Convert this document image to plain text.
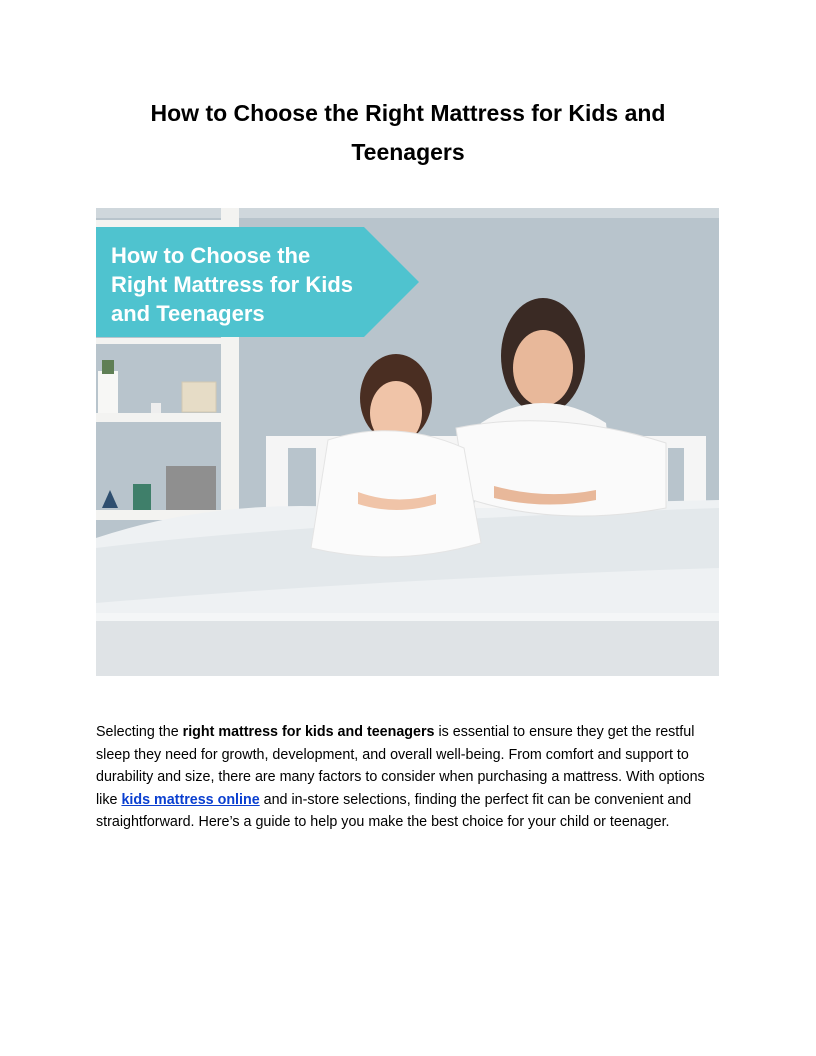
How to Choose the Right Mattress for Kids and Teenagers
How to Choose the
Right Mattress for Kids
and Teenagers

Selecting the right mattress for kids and teenagers is essential to ensure they get the restful sleep they need for growth, development, and overall well-being. From comfort and support to durability and size, there are many factors to consider when purchasing a mattress. With options like kids mattress online and in-store selections, finding the perfect fit can be convenient and straightforward. Here’s a guide to help you make the best choice for your child or teenager.
